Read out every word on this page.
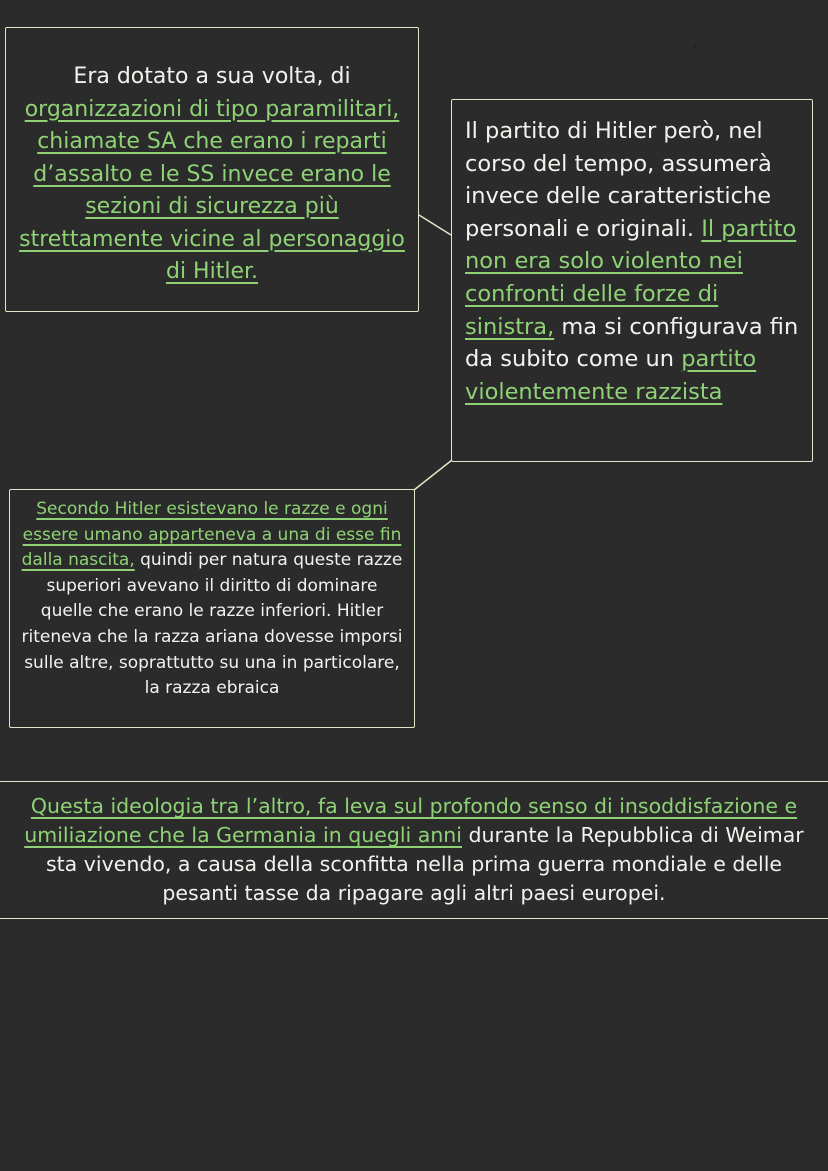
Era dotato a sua volta, di organizzazioni di tipo paramilitari, chiamate SA che erano i reparti d’assalto e le SS invece erano le sezioni di sicurezza più strettamente vicine al personaggio di Hitler.

Il partito di Hitler però, nel corso del tempo, assumerà invece delle caratteristiche personali e originali. Il partito non era solo violento nei confronti delle forze di sinistra, ma si configurava fin da subito come un partito violentemente razzista

Secondo Hitler esistevano le razze e ogni essere umano apparteneva a una di esse fin dalla nascita, quindi per natura queste razze superiori avevano il diritto di dominare quelle che erano le razze inferiori. Hitler riteneva che la razza ariana dovesse imporsi sulle altre, soprattutto su una in particolare, la razza ebraica

Questa ideologia tra l’altro, fa leva sul profondo senso di insoddisfazione e umiliazione che la Germania in quegli anni durante la Repubblica di Weimar sta vivendo, a causa della sconfitta nella prima guerra mondiale e delle pesanti tasse da ripagare agli altri paesi europei.
